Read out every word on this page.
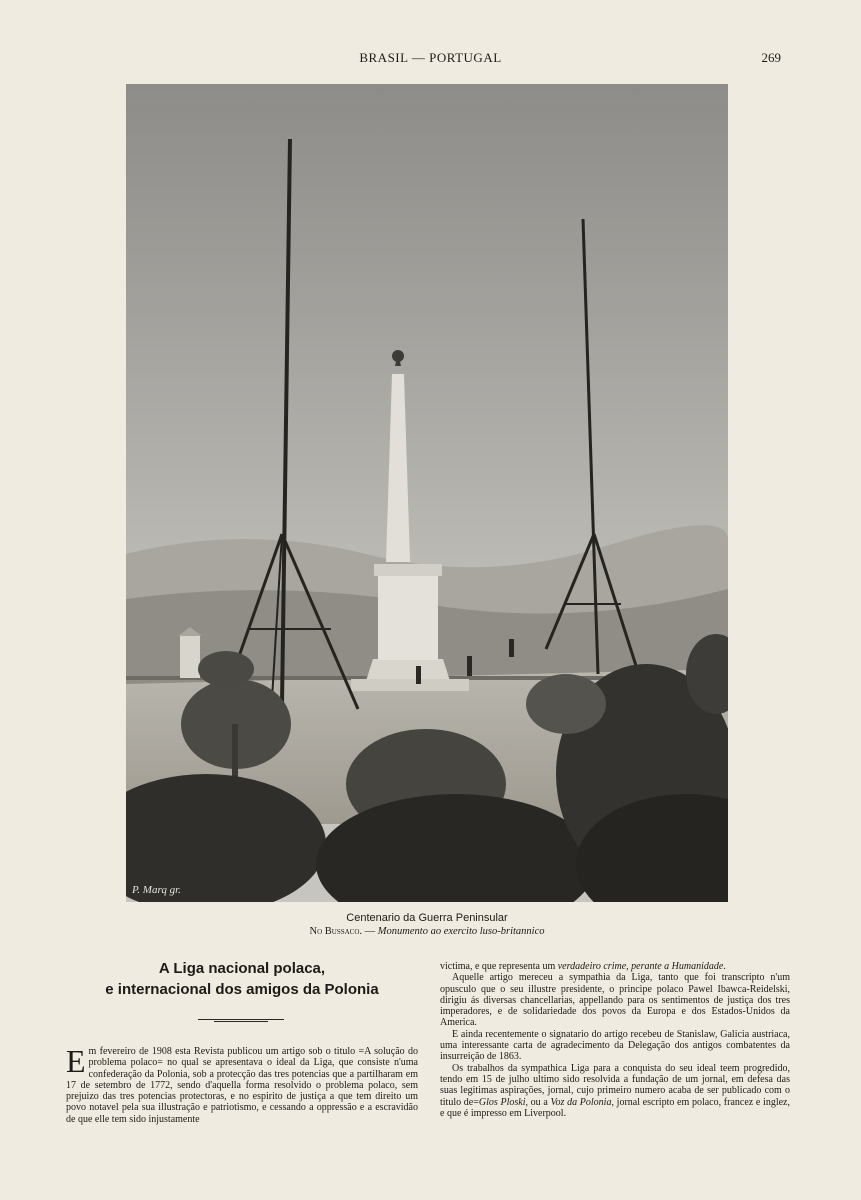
BRASIL — PORTUGAL	269
P. Marq gr.
Centenario da Guerra Peninsular
No Bussaco. — Monumento ao exercito luso-britannico
A Liga nacional polaca,
e internacional dos amigos da Polonia
E m fevereiro de 1908 esta Revista publicou um artigo sob o titulo =A solução do problema polaco= no qual se apresentava o ideal da Liga, que consiste n'uma confederação da Polonia, sob a protecção das tres potencias que a partilharam em 17 de setembro de 1772, sendo d'aquella forma resolvido o problema polaco, sem prejuizo das tres potencias protectoras, e no espirito de justiça a que tem direito um povo notavel pela sua illustração e patriotismo, e cessando a oppressão e a escravidão de que elle tem sido injustamente

victima, e que representa um verdadeiro crime, perante a Humanidade.

Aquelle artigo mereceu a sympathia da Liga, tanto que foi transcripto n'um opusculo que o seu illustre presidente, o principe polaco Pawel Ibawca-Reidelski, dirigiu ás diversas chancellarias, appellando para os sentimentos de justiça dos tres imperadores, e de solidariedade dos povos da Europa e dos Estados-Unidos da America.

E ainda recentemente o signatario do artigo recebeu de Stanislaw, Galicia austriaca, uma interessante carta de agradecimento da Delegação dos antigos combatentes da insurreição de 1863.

Os trabalhos da sympathica Liga para a conquista do seu ideal teem progredido, tendo em 15 de julho ultimo sido resolvida a fundação de um jornal, em defesa das suas legitimas aspirações, jornal, cujo primeiro numero acaba de ser publicado com o titulo de=Glos Ploski, ou a Voz da Polonia, jornal escripto em polaco, francez e inglez, e que é impresso em Liverpool.
